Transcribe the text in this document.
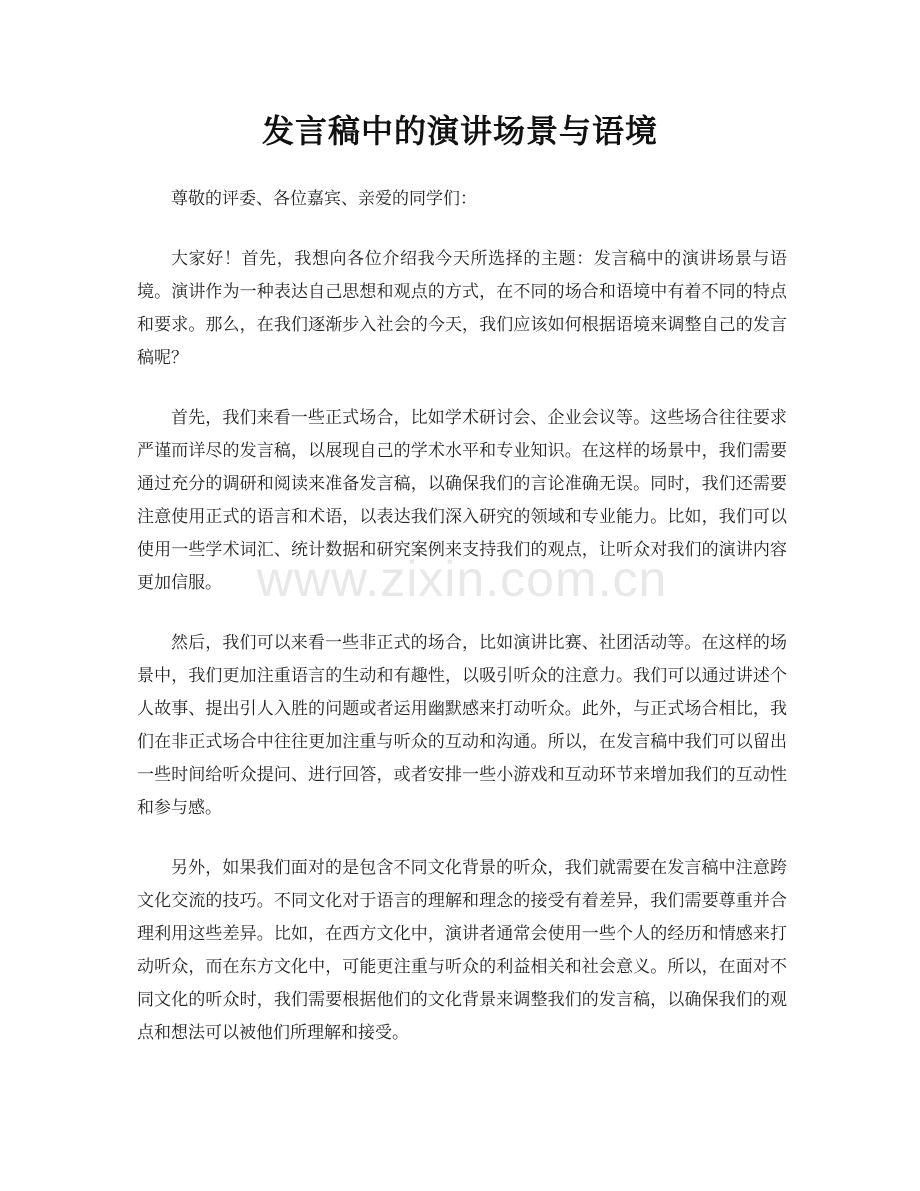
发言稿中的演讲场景与语境

尊敬的评委、各位嘉宾、亲爱的同学们：

大家好！首先，我想向各位介绍我今天所选择的主题：发言稿中的演讲场景与语境。演讲作为一种表达自己思想和观点的方式，在不同的场合和语境中有着不同的特点和要求。那么，在我们逐渐步入社会的今天，我们应该如何根据语境来调整自己的发言稿呢？

首先，我们来看一些正式场合，比如学术研讨会、企业会议等。这些场合往往要求严谨而详尽的发言稿，以展现自己的学术水平和专业知识。在这样的场景中，我们需要通过充分的调研和阅读来准备发言稿，以确保我们的言论准确无误。同时，我们还需要注意使用正式的语言和术语，以表达我们深入研究的领域和专业能力。比如，我们可以使用一些学术词汇、统计数据和研究案例来支持我们的观点，让听众对我们的演讲内容更加信服。

然后，我们可以来看一些非正式的场合，比如演讲比赛、社团活动等。在这样的场景中，我们更加注重语言的生动和有趣性，以吸引听众的注意力。我们可以通过讲述个人故事、提出引人入胜的问题或者运用幽默感来打动听众。此外，与正式场合相比，我们在非正式场合中往往更加注重与听众的互动和沟通。所以，在发言稿中我们可以留出一些时间给听众提问、进行回答，或者安排一些小游戏和互动环节来增加我们的互动性和参与感。

另外，如果我们面对的是包含不同文化背景的听众，我们就需要在发言稿中注意跨文化交流的技巧。不同文化对于语言的理解和理念的接受有着差异，我们需要尊重并合理利用这些差异。比如，在西方文化中，演讲者通常会使用一些个人的经历和情感来打动听众，而在东方文化中，可能更注重与听众的利益相关和社会意义。所以，在面对不同文化的听众时，我们需要根据他们的文化背景来调整我们的发言稿，以确保我们的观点和想法可以被他们所理解和接受。

www.zixin.com.cn
